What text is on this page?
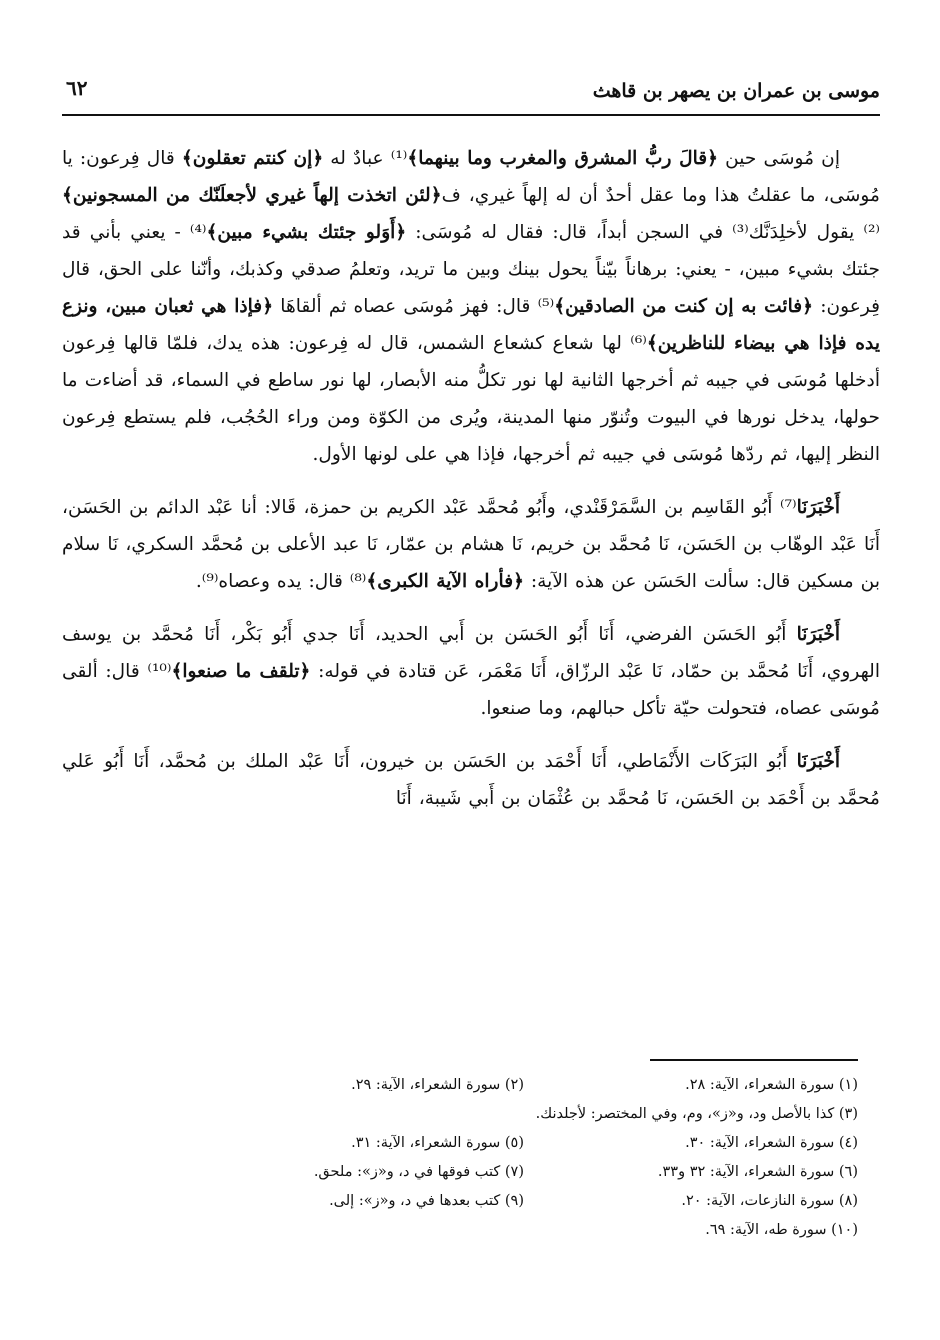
موسى بن عمران بن يصهر بن قاهث
٦٢

إن مُوسَى حين ﴿قالَ ربُّ المشرق والمغرب وما بينهما﴾⁽¹⁾ عبادٌ له ﴿إن كنتم تعقلون﴾ قال فِرعون: يا مُوسَى، ما عقلتُ هذا وما عقل أحدٌ أن له إلهاً غيري، ف﴿لئن اتخذت إلهاً غيري لأجعلَنّك من المسجونين﴾⁽²⁾ يقول لأخلِدَنَّك⁽³⁾ في السجن أبداً، قال: فقال له مُوسَى: ﴿أَوَلو جئتك بشيء مبين﴾⁽⁴⁾ - يعني بأني قد جئتك بشيء مبين، - يعني: برهاناً بيّناً يحول بينك وبين ما تريد، وتعلمُ صدقي وكذبك، وأنّنا على الحق، قال فِرعون: ﴿فائت به إن كنت من الصادقين﴾⁽⁵⁾ قال: فهز مُوسَى عصاه ثم ألقاهَا ﴿فإذا هي ثعبان مبين، ونزع يده فإذا هي بيضاء للناظرين﴾⁽⁶⁾ لها شعاع كشعاع الشمس، قال له فِرعون: هذه يدك، فلمّا قالها فِرعون أدخلها مُوسَى في جيبه ثم أخرجها الثانية لها نور تكلُّ منه الأبصار، لها نور ساطع في السماء، قد أضاءت ما حولها، يدخل نورها في البيوت وتُنوّر منها المدينة، ويُرى من الكوّة ومن وراء الحُجُب، فلم يستطع فِرعون النظر إليها، ثم ردّها مُوسَى في جيبه ثم أخرجها، فإذا هي على لونها الأول.

أَخْبَرَنَا⁽⁷⁾ أَبُو القَاسِم بن السَّمَرْقَنْدي، وأَبُو مُحمَّد عَبْد الكريم بن حمزة، قَالا: أنا عَبْد الدائم بن الحَسَن، أَنَا عَبْد الوهّاب بن الحَسَن، نَا مُحمَّد بن خريم، نَا هشام بن عمّار، نَا عبد الأعلى بن مُحمَّد السكري، نَا سلام بن مسكين قال: سألت الحَسَن عن هذه الآية: ﴿فأراه الآية الكبرى﴾⁽⁸⁾ قال: يده وعصاه⁽⁹⁾.

أَخْبَرَنَا أَبُو الحَسَن الفرضي، أَنَا أَبُو الحَسَن بن أَبي الحديد، أَنَا جدي أَبُو بَكْر، أَنَا مُحمَّد بن يوسف الهروي، أَنَا مُحمَّد بن حمّاد، نَا عَبْد الرزّاق، أَنَا مَعْمَر، عَن قتادة في قوله: ﴿تلقف ما صنعوا﴾⁽¹⁰⁾ قال: ألقى مُوسَى عصاه، فتحولت حيّة تأكل حبالهم، وما صنعوا.

أَخْبَرَنَا أَبُو البَرَكَات الأَنْمَاطي، أَنَا أَحْمَد بن الحَسَن بن خيرون، أَنَا عَبْد الملك بن مُحمَّد، أَنَا أَبُو عَلي مُحمَّد بن أَحْمَد بن الحَسَن، نَا مُحمَّد بن عُثْمَان بن أَبي شَيبة، أَنَا

(١) سورة الشعراء، الآية: ٢٨.
(٢) سورة الشعراء، الآية: ٢٩.
(٣) كذا بالأصل ود، و«ز»، وم، وفي المختصر: لأجلدنك.
(٤) سورة الشعراء، الآية: ٣٠.
(٥) سورة الشعراء، الآية: ٣١.
(٦) سورة الشعراء، الآية: ٣٢ و٣٣.
(٧) كتب فوقها في د، و«ز»: ملحق.
(٨) سورة النازعات، الآية: ٢٠.
(٩) كتب بعدها في د، و«ز»: إلى.
(١٠) سورة طه، الآية: ٦٩.
